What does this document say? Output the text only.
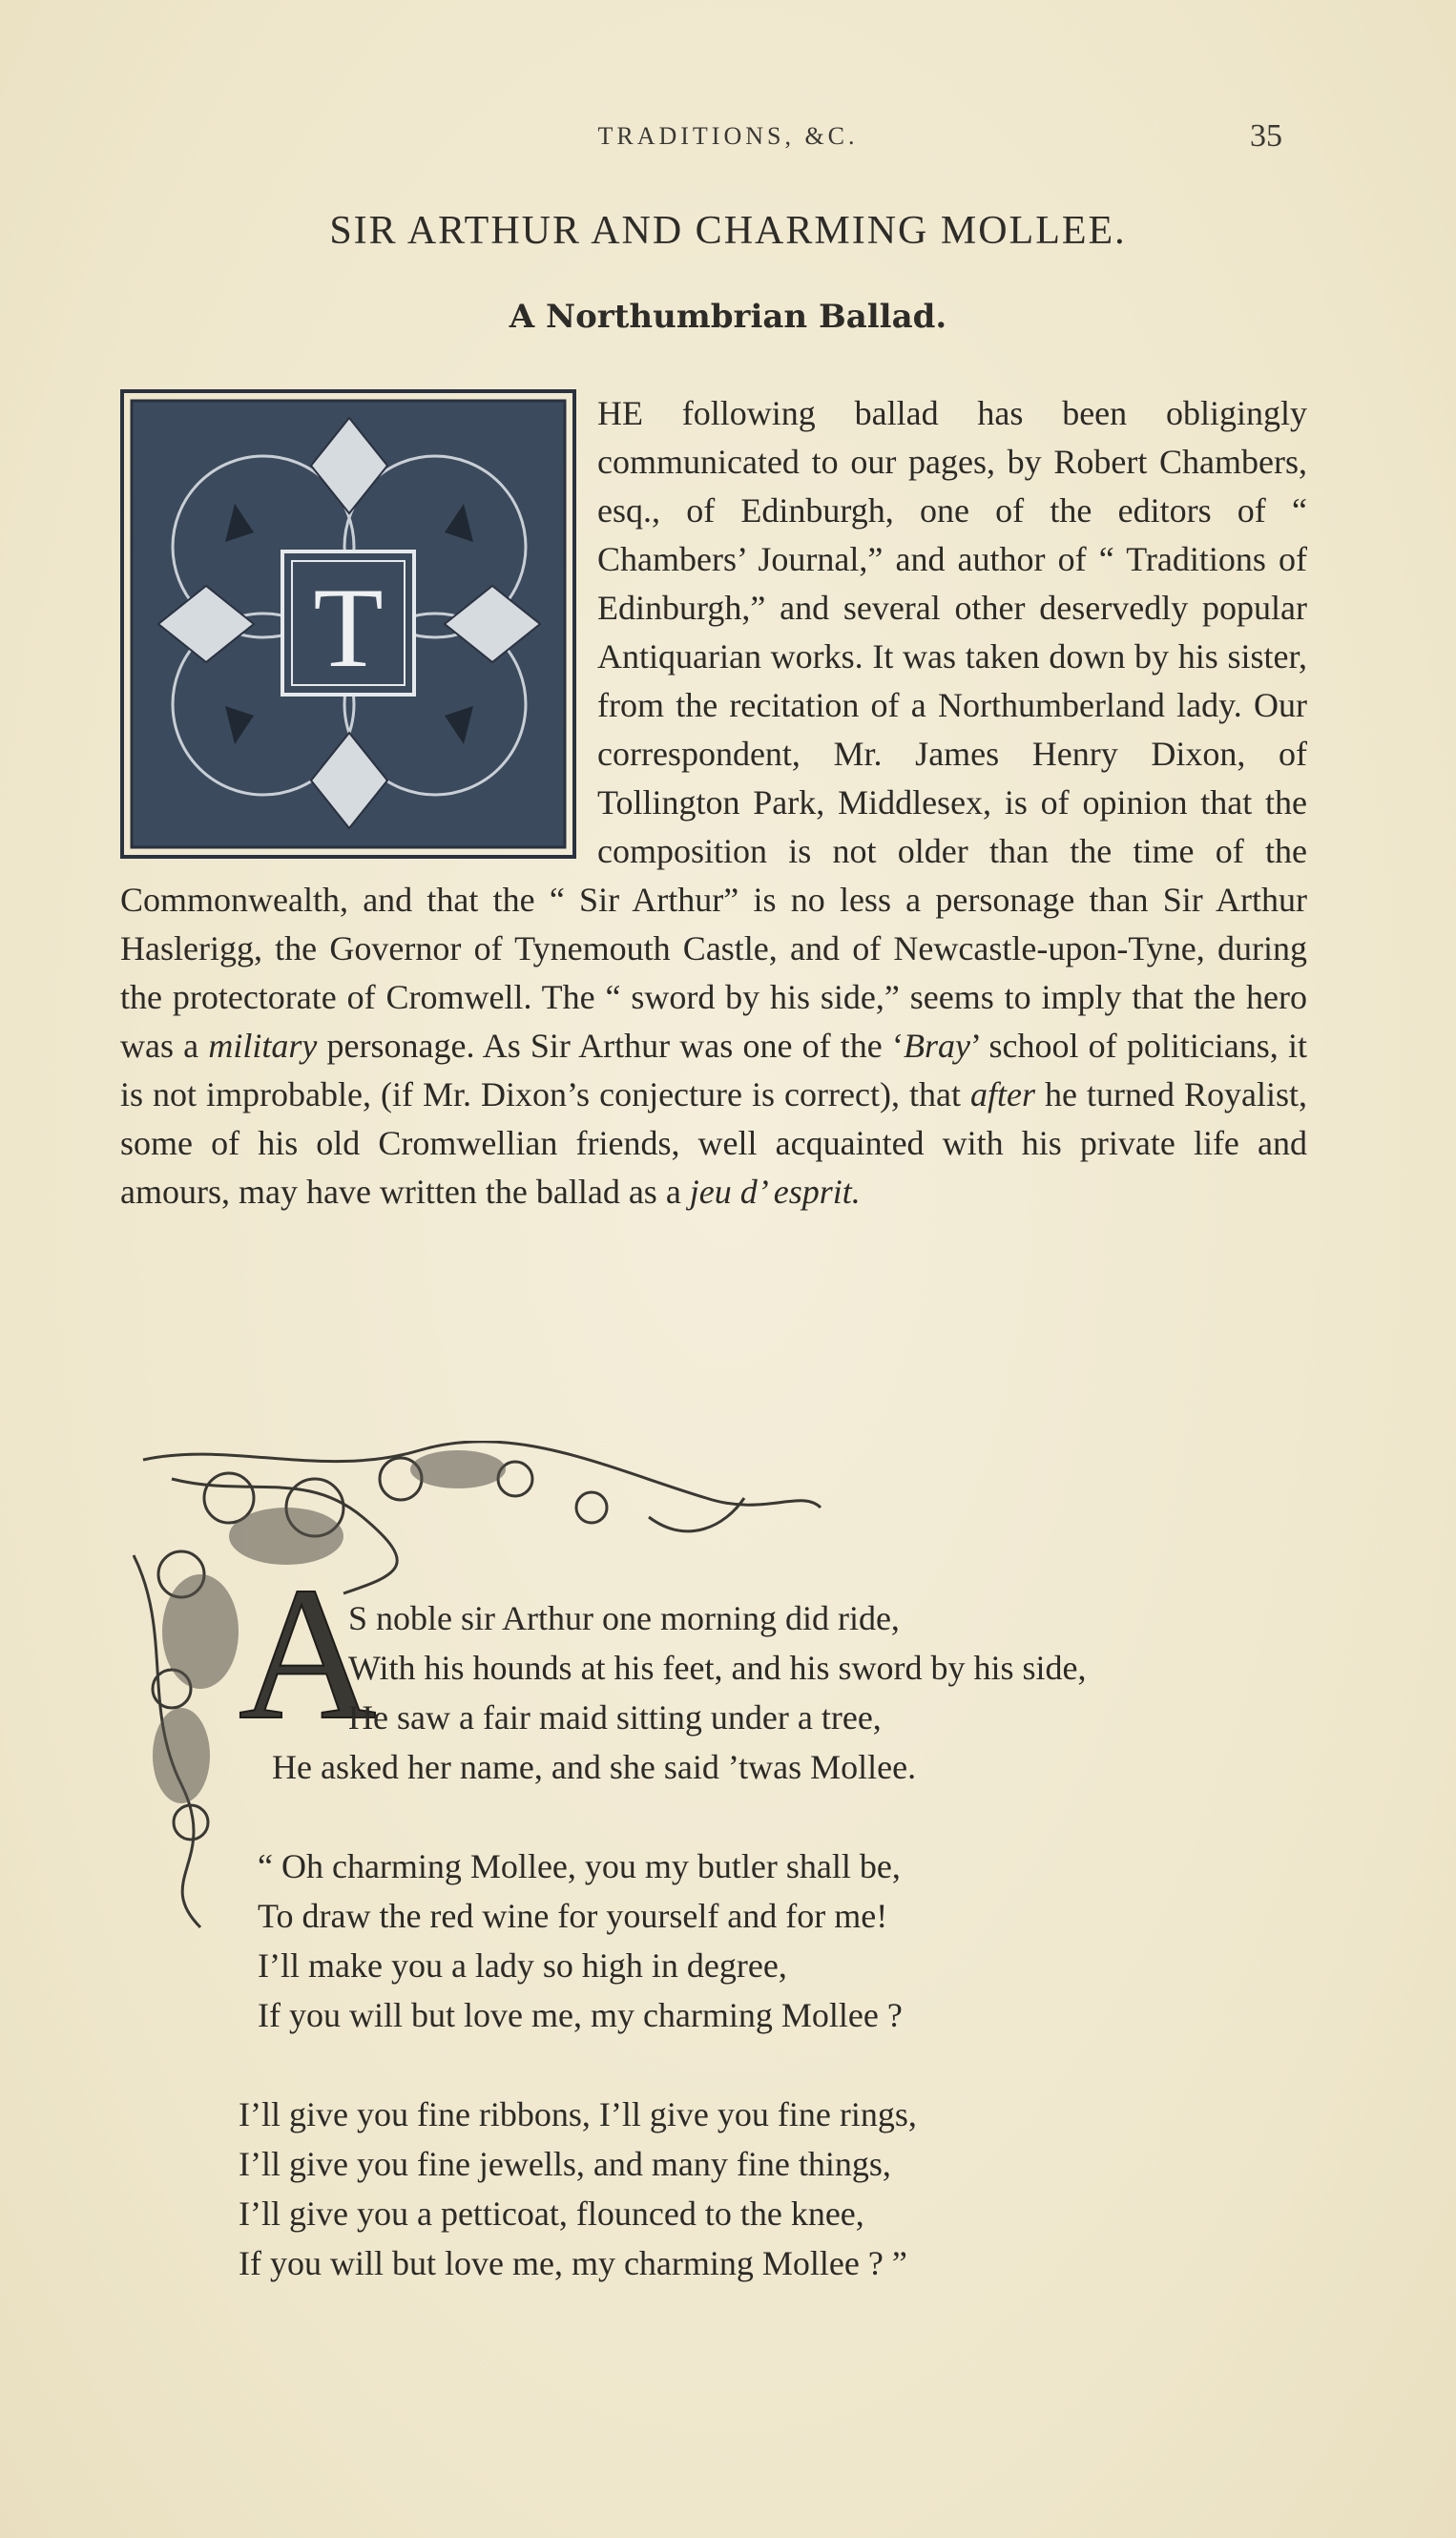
TRADITIONS, &C.	35
SIR ARTHUR AND CHARMING MOLLEE.
A Northumbrian Ballad.
T
HE following ballad has been obligingly communicated to our pages, by Robert Chambers, esq., of Edinburgh, one of the editors of “ Chambers’ Journal,” and author of “ Traditions of Edinburgh,” and several other deservedly popular Antiquarian works. It was taken down by his sister, from the recitation of a Northumberland lady. Our correspondent, Mr. James Henry Dixon, of Tollington Park, Middlesex, is of opinion that the composition is not older than the time of the Commonwealth, and that the “ Sir Arthur” is no less a personage than Sir Arthur Haslerigg, the Governor of Tynemouth Castle, and of Newcastle-upon-Tyne, during the protectorate of Cromwell. The “ sword by his side,” seems to imply that the hero was a military personage. As Sir Arthur was one of the ‘Bray’ school of politicians, it is not improbable, (if Mr. Dixon’s conjecture is correct), that after he turned Royalist, some of his old Cromwellian friends, well acquainted with his private life and amours, may have written the ballad as a jeu d’ esprit.
A
S noble sir Arthur one morning did ride,
With his hounds at his feet, and his sword by his side,
He saw a fair maid sitting under a tree,
He asked her name, and she said ’twas Mollee.
“ Oh charming Mollee, you my butler shall be,
To draw the red wine for yourself and for me!
I’ll make you a lady so high in degree,
If you will but love me, my charming Mollee ?
I’ll give you fine ribbons, I’ll give you fine rings,
I’ll give you fine jewells, and many fine things,
I’ll give you a petticoat, flounced to the knee,
If you will but love me, my charming Mollee ? ”
